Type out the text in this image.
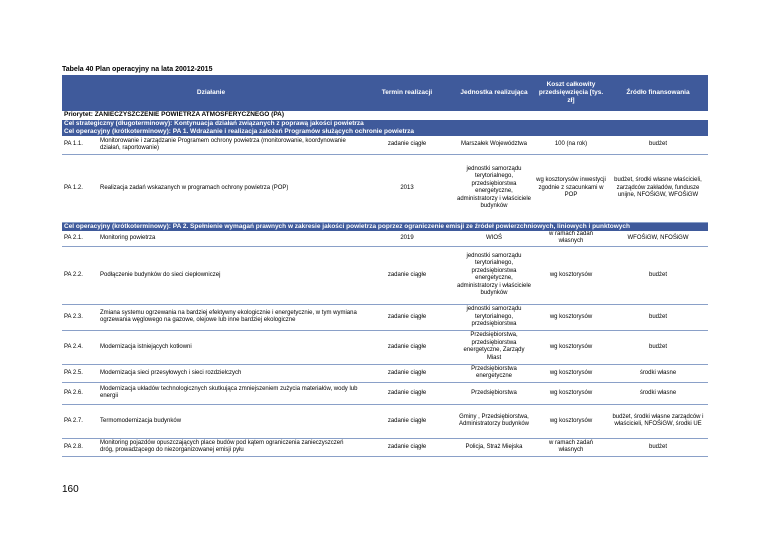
Tabela 40 Plan operacyjny na lata 20012-2015
Działanie		Termin realizacji	Jednostka realizująca	Koszt całkowity przedsięwzięcia [tys. zł]	Źródło finansowania
Priorytet: ZANIECZYSZCZENIE POWIETRZA ATMOSFERYCZNEGO (PA)					
Cel strategiczny (długoterminowy): Kontynuacja działań związanych z poprawą jakości powietrza					
Cel operacyjny (krótkoterminowy): PA 1. Wdrażanie i realizacja założeń Programów służących ochronie powietrza					
PA 1.1.	Monitorowanie i zarządzanie Programem ochrony powietrza (monitorowanie, koordynowanie działań, raportowanie)	zadanie ciągłe	Marszałek Województwa	100 (na rok)	budżet
PA 1.2.	Realizacja zadań wskazanych w programach ochrony powietrza (POP)	2013	jednostki samorządu terytorialnego, przedsiębiorstwa energetyczne, administratorzy i właściciele budynków	wg kosztorysów inwestycji zgodnie z szacunkami w POP	budżet, środki własne właścicieli, zarządców zakładów, fundusze unijne, NFOŚiGW, WFOŚiGW
Cel operacyjny (krótkoterminowy): PA 2. Spełnienie wymagań prawnych w zakresie jakości powietrza poprzez ograniczenie emisji ze źródeł powierzchniowych, liniowych i punktowych					
PA 2.1.	Monitoring powietrza	2019	WIOŚ	w ramach zadań własnych	WFOŚiGW, NFOŚiGW
PA 2.2.	Podłączenie budynków do sieci ciepłowniczej	zadanie ciągłe	jednostki samorządu terytorialnego, przedsiębiorstwa energetyczne, administratorzy i właściciele budynków	wg kosztorysów	budżet
PA 2.3.	Zmiana systemu ogrzewania na bardziej efektywny ekologicznie i energetycznie, w tym wymiana ogrzewania węglowego na gazowe, olejowe lub inne bardziej ekologiczne	zadanie ciągłe	jednostki samorządu terytorialnego, przedsiębiorstwa	wg kosztorysów	budżet
PA 2.4.	Modernizacja istniejących kotłowni	zadanie ciągłe	Przedsiębiorstwa, przedsiębiorstwa energetyczne, Zarządy Miast	wg kosztorysów	budżet
PA 2.5.	Modernizacja sieci przesyłowych i sieci rozdzielczych	zadanie ciągłe	Przedsiębiorstwa energetyczne	wg kosztorysów	środki własne
PA 2.6.	Modernizacja układów technologicznych skutkująca zmniejszeniem zużycia materiałów, wody lub energii	zadanie ciągłe	Przedsiębiorstwa	wg kosztorysów	środki własne
PA 2.7.	Termomodernizacja budynków	zadanie ciągłe	Gminy , Przedsiębiorstwa, Administratorzy budynków	wg kosztorysów	budżet, środki własne zarządców i właścicieli, NFOŚiGW, środki UE
PA 2.8.	Monitoring pojazdów opuszczających place budów pod kątem ograniczenia zanieczyszczeń dróg, prowadzącego do niezorganizowanej emisji pyłu	zadanie ciągłe	Policja, Straż Miejska	w ramach zadań własnych	budżet
160
